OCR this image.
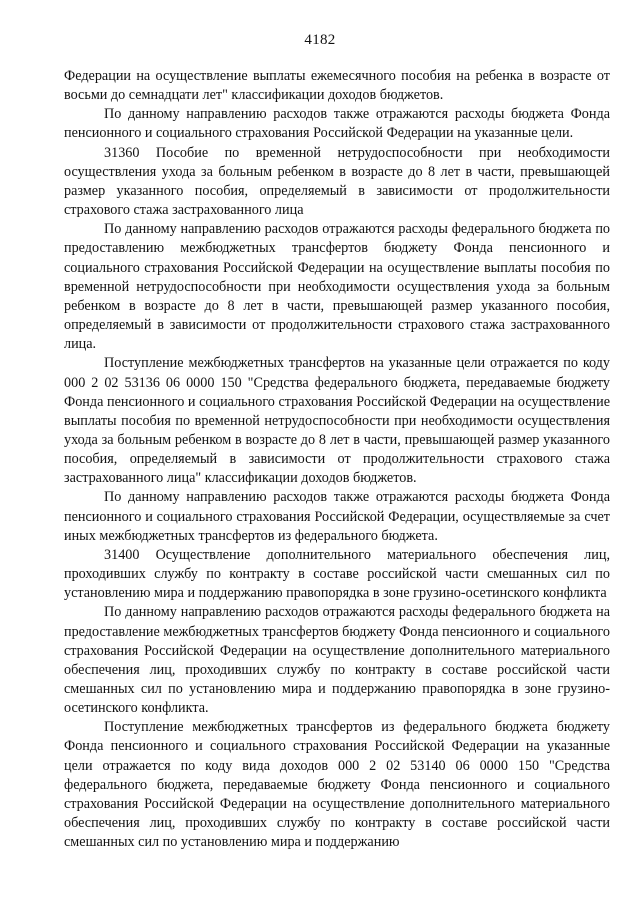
4182

Федерации на осуществление выплаты ежемесячного пособия на ребенка в возрасте от восьми до семнадцати лет" классификации доходов бюджетов.

По данному направлению расходов также отражаются расходы бюджета Фонда пенсионного и социального страхования Российской Федерации на указанные цели.

31360 Пособие по временной нетрудоспособности при необходимости осуществления ухода за больным ребенком в возрасте до 8 лет в части, превышающей размер указанного пособия, определяемый в зависимости от продолжительности страхового стажа застрахованного лица

По данному направлению расходов отражаются расходы федерального бюджета по предоставлению межбюджетных трансфертов бюджету Фонда пенсионного и социального страхования Российской Федерации на осуществление выплаты пособия по временной нетрудоспособности при необходимости осуществления ухода за больным ребенком в возрасте до 8 лет в части, превышающей размер указанного пособия, определяемый в зависимости от продолжительности страхового стажа застрахованного лица.

Поступление межбюджетных трансфертов на указанные цели отражается по коду 000 2 02 53136 06 0000 150 "Средства федерального бюджета, передаваемые бюджету Фонда пенсионного и социального страхования Российской Федерации на осуществление выплаты пособия по временной нетрудоспособности при необходимости осуществления ухода за больным ребенком в возрасте до 8 лет в части, превышающей размер указанного пособия, определяемый в зависимости от продолжительности страхового стажа застрахованного лица" классификации доходов бюджетов.

По данному направлению расходов также отражаются расходы бюджета Фонда пенсионного и социального страхования Российской Федерации, осуществляемые за счет иных межбюджетных трансфертов из федерального бюджета.

31400 Осуществление дополнительного материального обеспечения лиц, проходивших службу по контракту в составе российской части смешанных сил по установлению мира и поддержанию правопорядка в зоне грузино-осетинского конфликта

По данному направлению расходов отражаются расходы федерального бюджета на предоставление межбюджетных трансфертов бюджету Фонда пенсионного и социального страхования Российской Федерации на осуществление дополнительного материального обеспечения лиц, проходивших службу по контракту в составе российской части смешанных сил по установлению мира и поддержанию правопорядка в зоне грузино-осетинского конфликта.

Поступление межбюджетных трансфертов из федерального бюджета бюджету Фонда пенсионного и социального страхования Российской Федерации на указанные цели отражается по коду вида доходов 000 2 02 53140 06 0000 150 "Средства федерального бюджета, передаваемые бюджету Фонда пенсионного и социального страхования Российской Федерации на осуществление дополнительного материального обеспечения лиц, проходивших службу по контракту в составе российской части смешанных сил по установлению мира и поддержанию
